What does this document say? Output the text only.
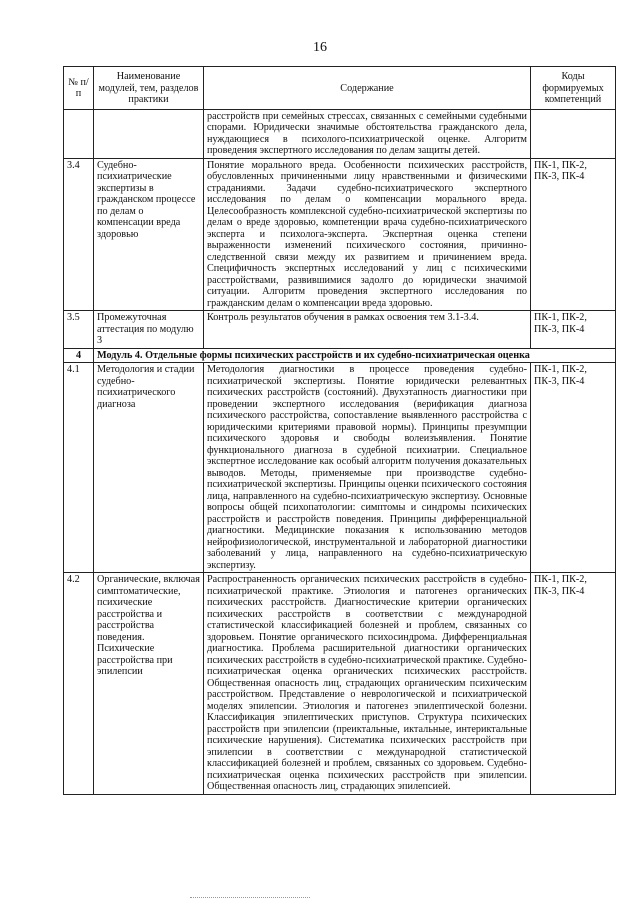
16
№ п/п	Наименование модулей, тем, разделов практики	Содержание	Коды формируемых компетенций
		расстройств при семейных стрессах, связанных с семейными судебными спорами. Юридически значимые обстоятельства гражданского дела, нуждающиеся в психолого-психиатрической оценке. Алгоритм проведения экспертного исследования по делам защиты детей.	
3.4	Судебно-психиатрические экспертизы в гражданском процессе по делам о компенсации вреда здоровью	Понятие морального вреда. Особенности психических расстройств, обусловленных причиненными лицу нравственными и физическими страданиями. Задачи судебно-психиатрического экспертного исследования по делам о компенсации морального вреда. Целесообразность комплексной судебно-психиатрической экспертизы по делам о вреде здоровью, компетенции врача судебно-психиатрического эксперта и психолога-эксперта. Экспертная оценка степени выраженности изменений психического состояния, причинно-следственной связи между их развитием и причинением вреда. Специфичность экспертных исследований у лиц с психическими расстройствами, развившимися задолго до юридически значимой ситуации. Алгоритм проведения экспертного исследования по гражданским делам о компенсации вреда здоровью.	ПК-1, ПК-2, ПК-3, ПК-4
3.5	Промежуточная аттестация по модулю 3	Контроль результатов обучения в рамках освоения тем 3.1-3.4.	ПК-1, ПК-2, ПК-3, ПК-4
4	Модуль 4. Отдельные формы психических расстройств и их судебно-психиатрическая оценка		
4.1	Методология и стадии судебно-психиатрического диагноза	Методология диагностики в процессе проведения судебно-психиатрической экспертизы. Понятие юридически релевантных психических расстройств (состояний). Двухэтапность диагностики при проведении экспертного исследования (верификация диагноза психического расстройства, сопоставление выявленного расстройства с юридическими критериями правовой нормы). Принципы презумпции психического здоровья и свободы волеизъявления. Понятие функционального диагноза в судебной психиатрии. Специальное экспертное исследование как особый алгоритм получения доказательных выводов. Методы, применяемые при производстве судебно-психиатрической экспертизы. Принципы оценки психического состояния лица, направленного на судебно-психиатрическую экспертизу. Основные вопросы общей психопатологии: симптомы и синдромы психических расстройств и расстройств поведения. Принципы дифференциальной диагностики. Медицинские показания к использованию методов нейрофизиологической, инструментальной и лабораторной диагностики заболеваний у лица, направленного на судебно-психиатрическую экспертизу.	ПК-1, ПК-2, ПК-3, ПК-4
4.2	Органические, включая симптоматические, психические расстройства и расстройства поведения. Психические расстройства при эпилепсии	Распространенность органических психических расстройств в судебно-психиатрической практике. Этиология и патогенез органических психических расстройств. Диагностические критерии органических психических расстройств в соответствии с международной статистической классификацией болезней и проблем, связанных со здоровьем. Понятие органического психосиндрома. Дифференциальная диагностика. Проблема расширительной диагностики органических психических расстройств в судебно-психиатрической практике. Судебно-психиатрическая оценка органических психических расстройств. Общественная опасность лиц, страдающих органическим психическим расстройством. Представление о неврологической и психиатрической моделях эпилепсии. Этиология и патогенез эпилептической болезни. Классификация эпилептических приступов. Структура психических расстройств при эпилепсии (преиктальные, иктальные, интериктальные психические нарушения). Систематика психических расстройств при эпилепсии в соответствии с международной статистической классификацией болезней и проблем, связанных со здоровьем. Судебно-психиатрическая оценка психических расстройств при эпилепсии. Общественная опасность лиц, страдающих эпилепсией.	ПК-1, ПК-2, ПК-3, ПК-4
